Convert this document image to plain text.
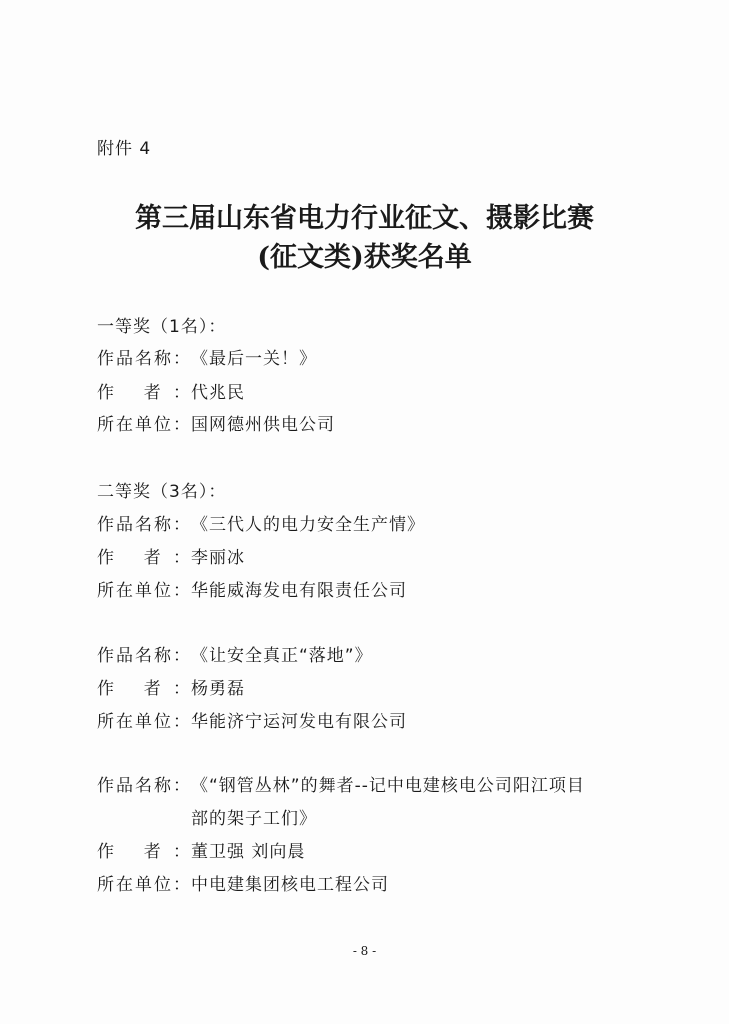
附件 4
第三届山东省电力行业征文、摄影比赛
(征文类)获奖名单
一等奖（1名）：
作品名称： 《最后一关！》
作 者： 代兆民
所在单位： 国网德州供电公司
二等奖（3名）：
作品名称： 《三代人的电力安全生产情》
作 者： 李丽冰
所在单位： 华能威海发电有限责任公司
作品名称： 《让安全真正“落地”》
作 者： 杨勇磊
所在单位： 华能济宁运河发电有限公司
作品名称： 《“钢管丛林”的舞者--记中电建核电公司阳江项目
部的架子工们》
作 者： 董卫强 刘向晨
所在单位： 中电建集团核电工程公司
- 8 -
